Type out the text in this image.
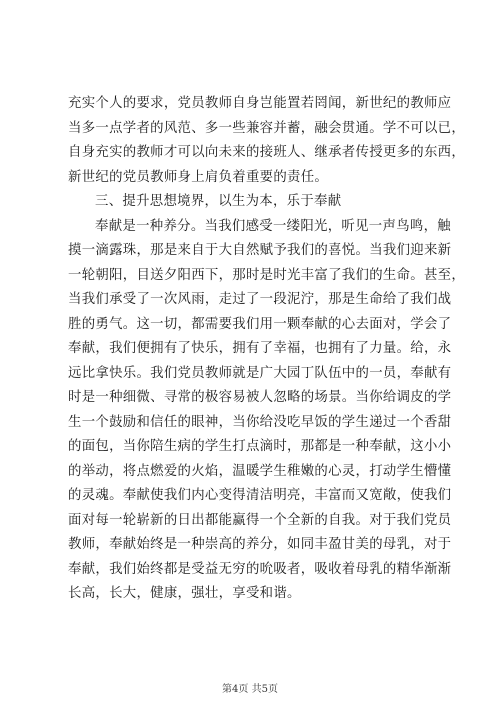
充实个人的要求，党员教师自身岂能置若罔闻，新世纪的教师应
当多一点学者的风范、多一些兼容并蓄，融会贯通。学不可以已，
自身充实的教师才可以向未来的接班人、继承者传授更多的东西，
新世纪的党员教师身上肩负着重要的责任。
三、提升思想境界，以生为本，乐于奉献
奉献是一种养分。当我们感受一缕阳光，听见一声鸟鸣，触
摸一滴露珠，那是来自于大自然赋予我们的喜悦。当我们迎来新
一轮朝阳，目送夕阳西下，那时是时光丰富了我们的生命。甚至，
当我们承受了一次风雨，走过了一段泥泞，那是生命给了我们战
胜的勇气。这一切，都需要我们用一颗奉献的心去面对，学会了
奉献，我们便拥有了快乐，拥有了幸福，也拥有了力量。给，永
远比拿快乐。我们党员教师就是广大园丁队伍中的一员，奉献有
时是一种细微、寻常的极容易被人忽略的场景。当你给调皮的学
生一个鼓励和信任的眼神，当你给没吃早饭的学生递过一个香甜
的面包，当你陪生病的学生打点滴时，那都是一种奉献，这小小
的举动，将点燃爱的火焰，温暖学生稚嫩的心灵，打动学生懵懂
的灵魂。奉献使我们内心变得清洁明亮，丰富而又宽敞，使我们
面对每一轮崭新的日出都能赢得一个全新的自我。对于我们党员
教师，奉献始终是一种崇高的养分，如同丰盈甘美的母乳，对于
奉献，我们始终都是受益无穷的吮吸者，吸收着母乳的精华渐渐
长高，长大，健康，强壮，享受和谐。
第4页 共5页
